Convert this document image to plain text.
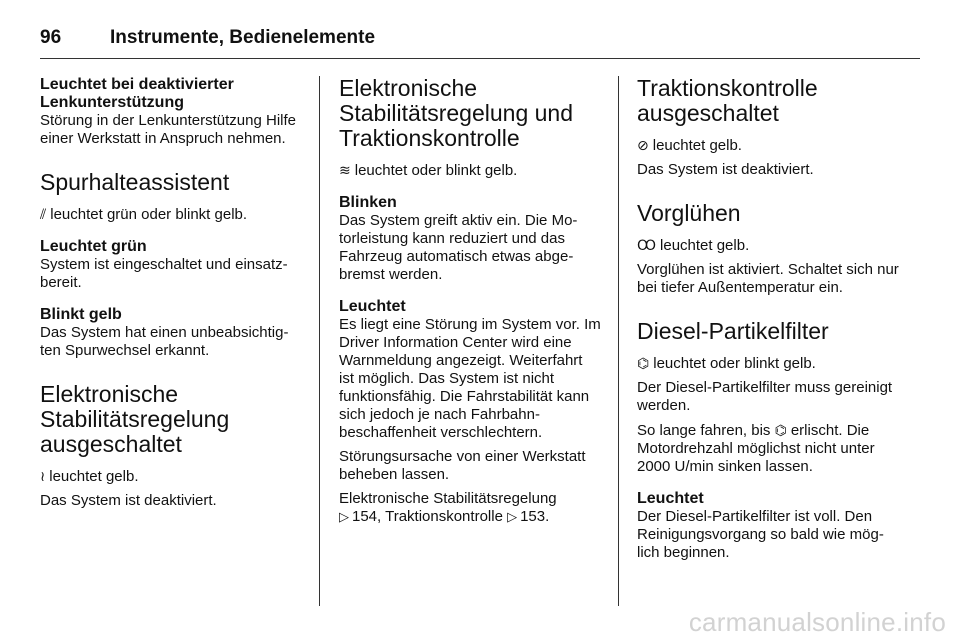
96	Instrumente, Bedienelemente
Leuchtet bei deaktivierter Lenkunterstützung

Störung in der Lenkunterstützung Hilfe einer Werkstatt in Anspruch nehmen.

Spurhalteassistent

⫽ leuchtet grün oder blinkt gelb.

Leuchtet grün

System ist eingeschaltet und einsatzbereit.

Blinkt gelb

Das System hat einen unbeabsichtigten Spurwechsel erkannt.

Elektronische Stabilitätsregelung ausgeschaltet

≀ leuchtet gelb.

Das System ist deaktiviert.

Elektronische Stabilitätsregelung und Traktionskontrolle

≋ leuchtet oder blinkt gelb.

Blinken

Das System greift aktiv ein. Die Motorleistung kann reduziert und das Fahrzeug automatisch etwas abgebremst werden.

Leuchtet

Es liegt eine Störung im System vor. Im Driver Information Center wird eine Warnmeldung angezeigt. Weiterfahrt ist möglich. Das System ist nicht funktionsfähig. Die Fahrstabilität kann sich jedoch je nach Fahrbahnbeschaffenheit verschlechtern.

Störungsursache von einer Werkstatt beheben lassen.

Elektronische Stabilitätsregelung
▷ 154, Traktionskontrolle ▷ 153.

Traktionskontrolle ausgeschaltet

⊘ leuchtet gelb.

Das System ist deaktiviert.

Vorglühen

Ꝏ leuchtet gelb.

Vorglühen ist aktiviert. Schaltet sich nur bei tiefer Außentemperatur ein.

Diesel-Partikelfilter

⌬ leuchtet oder blinkt gelb.

Der Diesel-Partikelfilter muss gereinigt werden.

So lange fahren, bis ⌬ erlischt. Die Motordrehzahl möglichst nicht unter 2000 U/min sinken lassen.

Leuchtet

Der Diesel-Partikelfilter ist voll. Den Reinigungsvorgang so bald wie möglich beginnen.

carmanualsonline.info
